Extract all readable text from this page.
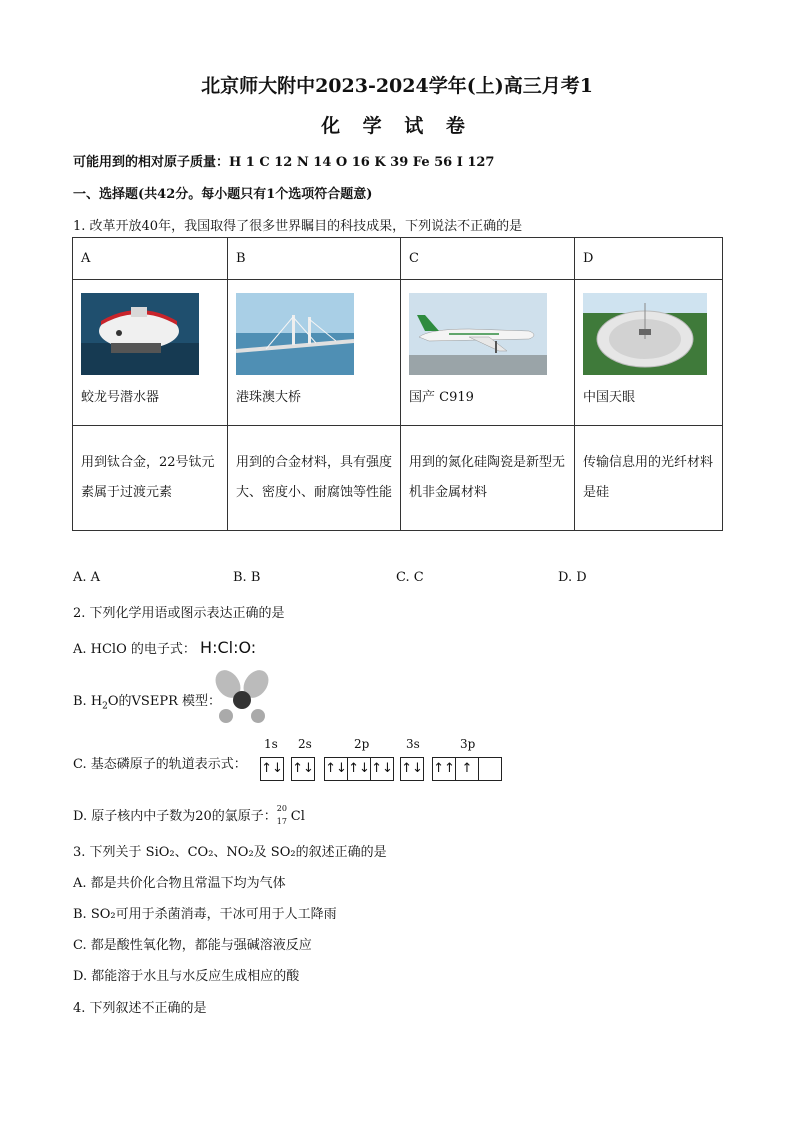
北京师大附中2023-2024学年(上)高三月考1
化 学 试 卷
可能用到的相对原子质量：H 1 C 12 N 14 O 16 K 39 Fe 56 I 127
一、选择题(共42分。每小题只有1个选项符合题意)
1. 改革开放40年，我国取得了很多世界瞩目的科技成果，下列说法不正确的是
A	B	C	D

蛟龙号潜水器	港珠澳大桥	国产 C919	中国天眼

用到钛合金，22号钛元素属于过渡元素	用到的合金材料，具有强度大、密度小、耐腐蚀等性能	用到的氮化硅陶瓷是新型无机非金属材料	传输信息用的光纤材料是硅
A. A	B. B	C. C	D. D
2. 下列化学用语或图示表达正确的是
A. HClO 的电子式： H:Cl:O:
B. $H_2O$的VSEPR 模型：
C. 基态磷原子的轨道表示式：
1s 2s	2p	3s	3p
↑↓ ↑↓ ↑↓ ↑↓ ↑↓ ↑↓ ↑↑ ↑
D. 原子核内中子数为20的氯原子：
20
17 Cl
3. 下列关于 SiO₂、CO₂、NO₂及 SO₂的叙述正确的是
A. 都是共价化合物且常温下均为气体
B. SO₂可用于杀菌消毒，干冰可用于人工降雨
C. 都是酸性氧化物，都能与强碱溶液反应
D. 都能溶于水且与水反应生成相应的酸
4. 下列叙述不正确的是
